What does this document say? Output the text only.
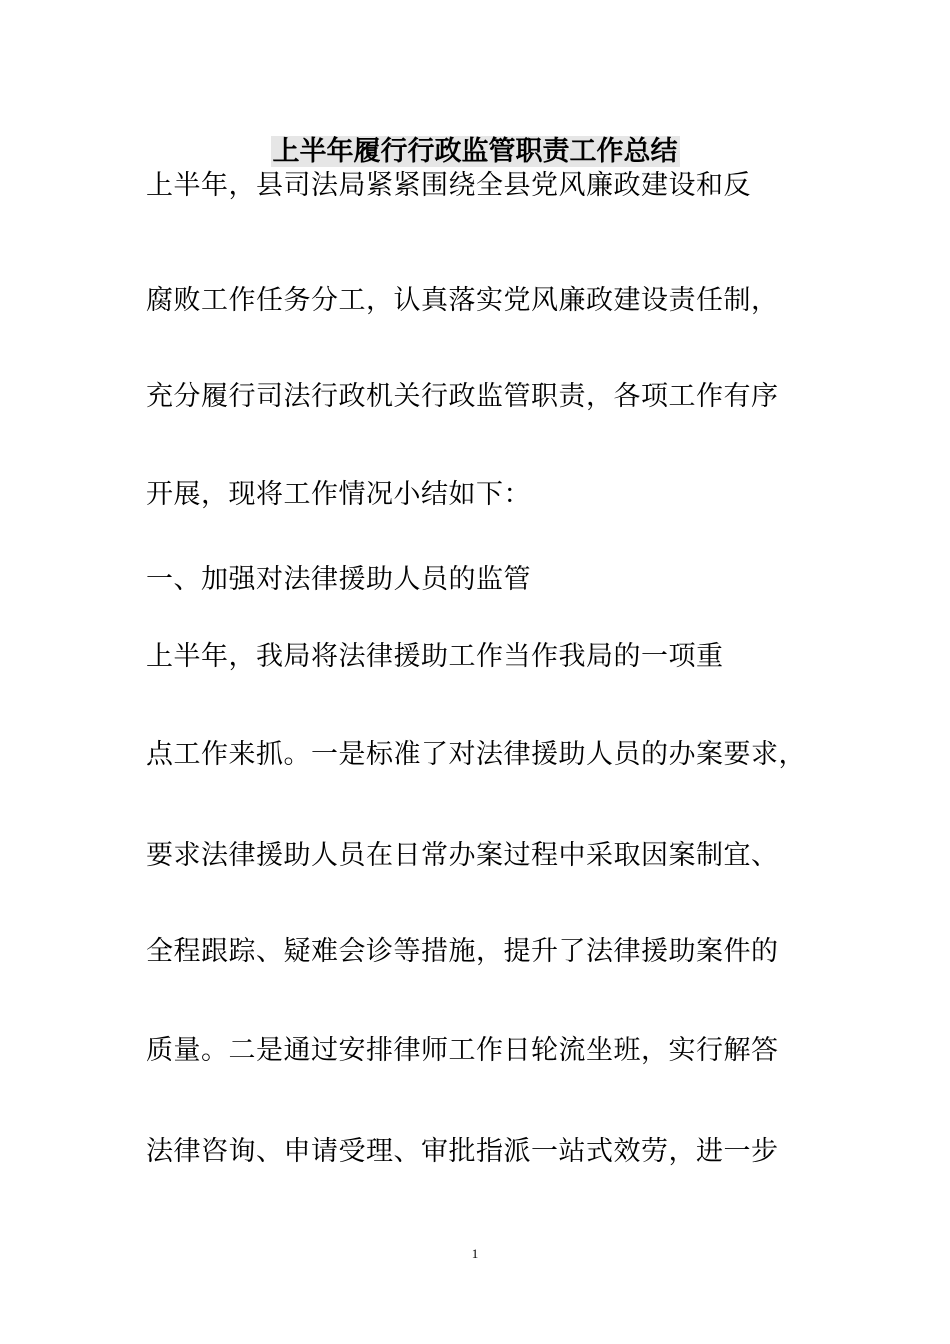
上半年履行行政监管职责工作总结
上半年，县司法局紧紧围绕全县党风廉政建设和反
腐败工作任务分工，认真落实党风廉政建设责任制，
充分履行司法行政机关行政监管职责，各项工作有序
开展，现将工作情况小结如下：
一、加强对法律援助人员的监管
上半年，我局将法律援助工作当作我局的一项重
点工作来抓。一是标准了对法律援助人员的办案要求，
要求法律援助人员在日常办案过程中采取因案制宜、
全程跟踪、疑难会诊等措施，提升了法律援助案件的
质量。二是通过安排律师工作日轮流坐班，实行解答
法律咨询、申请受理、审批指派一站式效劳，进一步
1
